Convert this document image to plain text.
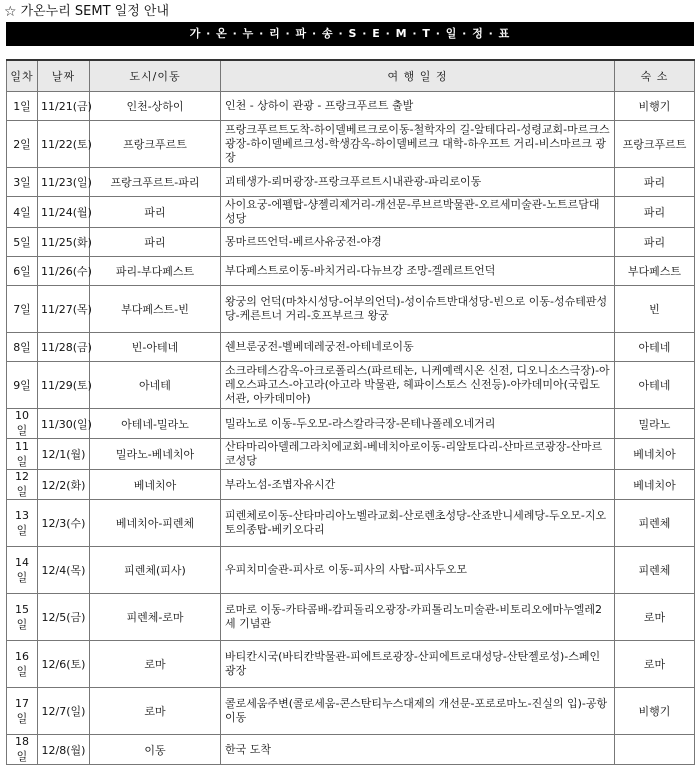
☆ 가온누리 SEMT 일정 안내
가 · 온 · 누 · 리 · 파 · 송 · S · E · M · T · 일 · 정 · 표
일차	날짜	도시/이동	여 행 일 정	숙 소
1일	11/21(금)	인천-상하이	인천 - 상하이 관광 - 프랑크푸르트 출발	비행기
2일	11/22(토)	프랑크푸르트	프랑크푸르트도착-하이델베르크로이동-철학자의 길-알테다리-성령교회-마르크스광장-하이델베르크성-학생감옥-하이델베르크 대학-하우프트 거리-비스마르크 광장	프랑크푸르트
3일	11/23(일)	프랑크푸르트-파리	괴테생가-뢰머광장-프랑크푸르트시내관광-파리로이동	파리
4일	11/24(월)	파리	사이요궁-에펠탑-샹젤리제거리-개선문-루브르박물관-오르세미술관-노트르담대성당	파리
5일	11/25(화)	파리	몽마르뜨언덕-베르사유궁전-야경	파리
6일	11/26(수)	파리-부다페스트	부다페스트로이동-바치거리-다뉴브강 조망-겔레르트언덕	부다페스트
7일	11/27(목)	부다페스트-빈	왕궁의 언덕(마차시성당-어부의언덕)-성이슈트반대성당-빈으로 이동-성슈테판성당-케른트너 거리-호프부르크 왕궁	빈
8일	11/28(금)	빈-아테네	쉔브룬궁전-벨베데레궁전-아테네로이동	아테네
9일	11/29(토)	아네테	소크라테스감옥-아크로폴리스(파르테논, 니케예렉시온 신전, 디오니소스극장)-아레오스파고스-아고라(아고라 박물관, 헤파이스토스 신전등)-아카데미아(국립도서관, 아카데미아)	아테네
10일	11/30(일)	아테네-밀라노	밀라노로 이동-두오모-라스칼라극장-몬테나폴레오네거리	밀라노
11일	12/1(월)	밀라노-베네치아	산타마리아델레그라치에교회-베네치아로이동-리알토다리-산마르코광장-산마르코성당	베네치아
12일	12/2(화)	베네치아	부라노섬-조볍자유시간	베네치아
13일	12/3(수)	베네치아-피렌체	피렌체로이동-산타마리아노벨라교회-산로렌초성당-산죠반니세례당-두오모-지오토의종탑-베키오다리	피렌체
14일	12/4(목)	피렌체(피사)	우피치미술관-피사로 이동-피사의 사탑-피사두오모	피렌체
15일	12/5(금)	피렌체-로마	로마로 이동-카타콤배-캄피돌리오광장-카피톨리노미술관-비토리오에마누엘레2세 기념관	로마
16일	12/6(토)	로마	바티칸시국(바티칸박물관-피에트로광장-산피에트로대성당-산탄젤로성)-스페인광장	로마
17일	12/7(일)	로마	콜로세움주변(콜로세움-콘스탄티누스대제의 개선문-포로로마노-진실의 입)-공항이동	비행기
18일	12/8(월)	이동	한국 도착	
